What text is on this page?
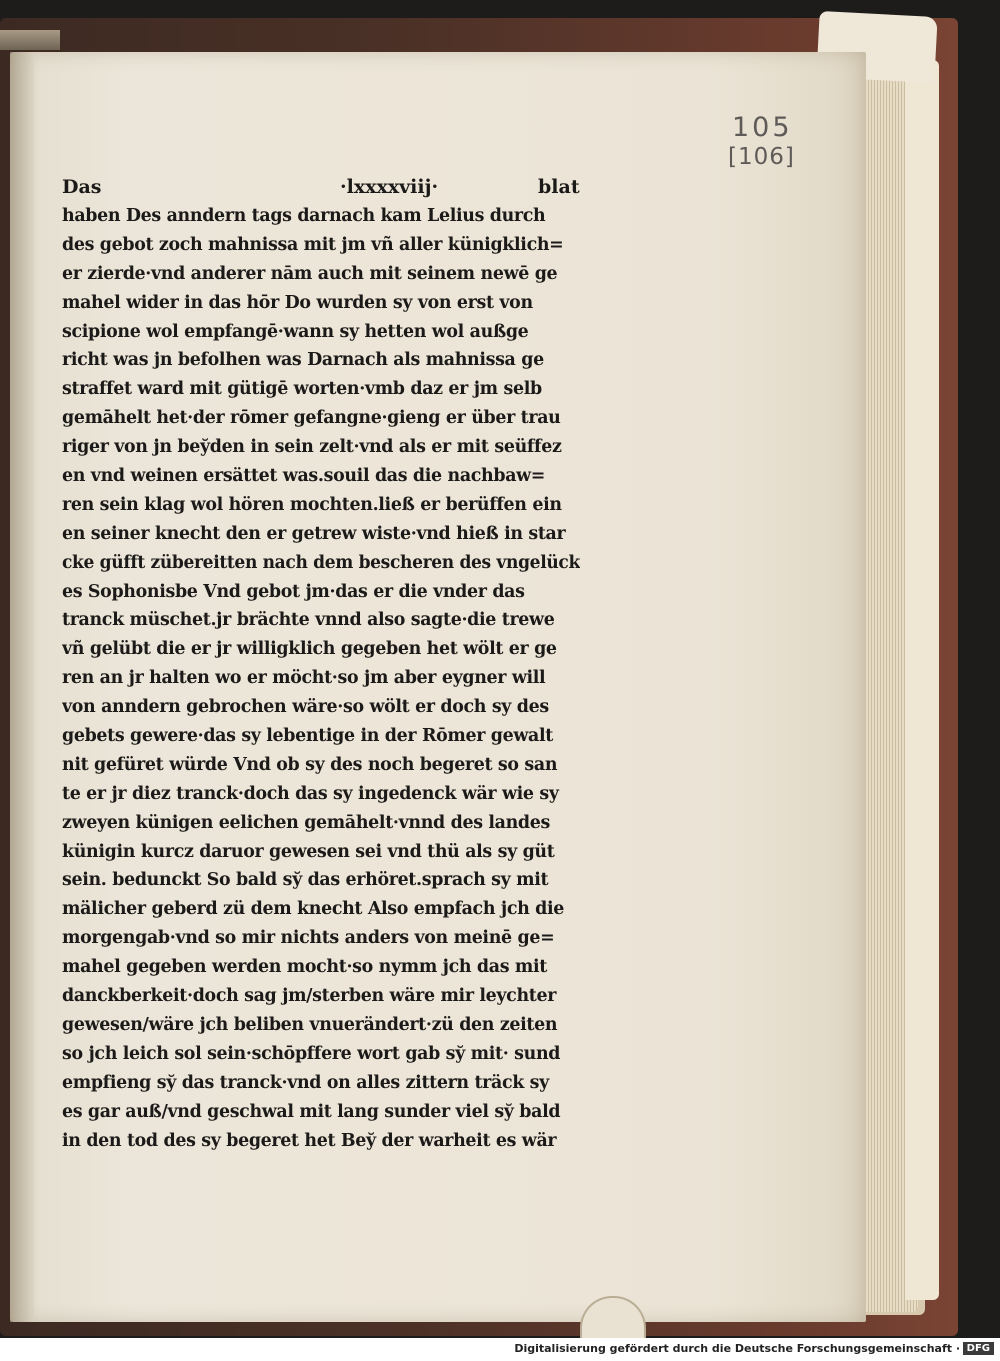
105
[106]
Das	·lxxxxviij·	blat
haben Des anndern tags darnach kam Lelius durch
des gebot zoch mahnissa mit jm vñ aller künigklich=
er zierde·vnd anderer nām auch mit seinem newē ge
mahel wider in das hōr Do wurden sy von erst von
scipione wol empfangē·wann sy hetten wol außge
richt was jn befolhen was Darnach als mahnissa ge
straffet ward mit gütigē worten·vmb daz er jm selb
gemāhelt het·der rōmer gefangne·gieng er über trau
riger von jn bey̆den in sein zelt·vnd als er mit seüffez
en vnd weinen ersättet was.souil das die nachbaw=
ren sein klag wol hören mochten.ließ er berüffen ein
en seiner knecht den er getrew wiste·vnd hieß in star
cke güfft zübereitten nach dem bescheren des vngelück
es Sophonisbe Vnd gebot jm·das er die vnder das
tranck müschet.jr brächte vnnd also sagte·die trewe
vñ gelübt die er jr willigklich gegeben het wölt er ge
ren an jr halten wo er möcht·so jm aber eygner will
von anndern gebrochen wäre·so wölt er doch sy des
gebets gewere·das sy lebentige in der Rōmer gewalt
nit gefüret würde Vnd ob sy des noch begeret so san
te er jr diez tranck·doch das sy ingedenck wär wie sy
zweyen künigen eelichen gemāhelt·vnnd des landes
künigin kurcz daruor gewesen sei vnd thü als sy güt
sein. bedunckt So bald sy̆ das erhöret.sprach sy mit
mälicher geberd zü dem knecht Also empfach jch die
morgengab·vnd so mir nichts anders von meinē ge=
mahel gegeben werden mocht·so nymm jch das mit
danckberkeit·doch sag jm/sterben wäre mir leychter
gewesen/wäre jch beliben vnuerändert·zü den zeiten
so jch leich sol sein·schōpffere wort gab sy̆ mit· sund
empfieng sy̆ das tranck·vnd on alles zittern träck sy
es gar auß/vnd geschwal mit lang sunder viel sy̆ bald
in den tod des sy begeret het Bey̆ der warheit es wär
Digitalisierung gefördert durch die Deutsche Forschungsgemeinschaft · DFG
